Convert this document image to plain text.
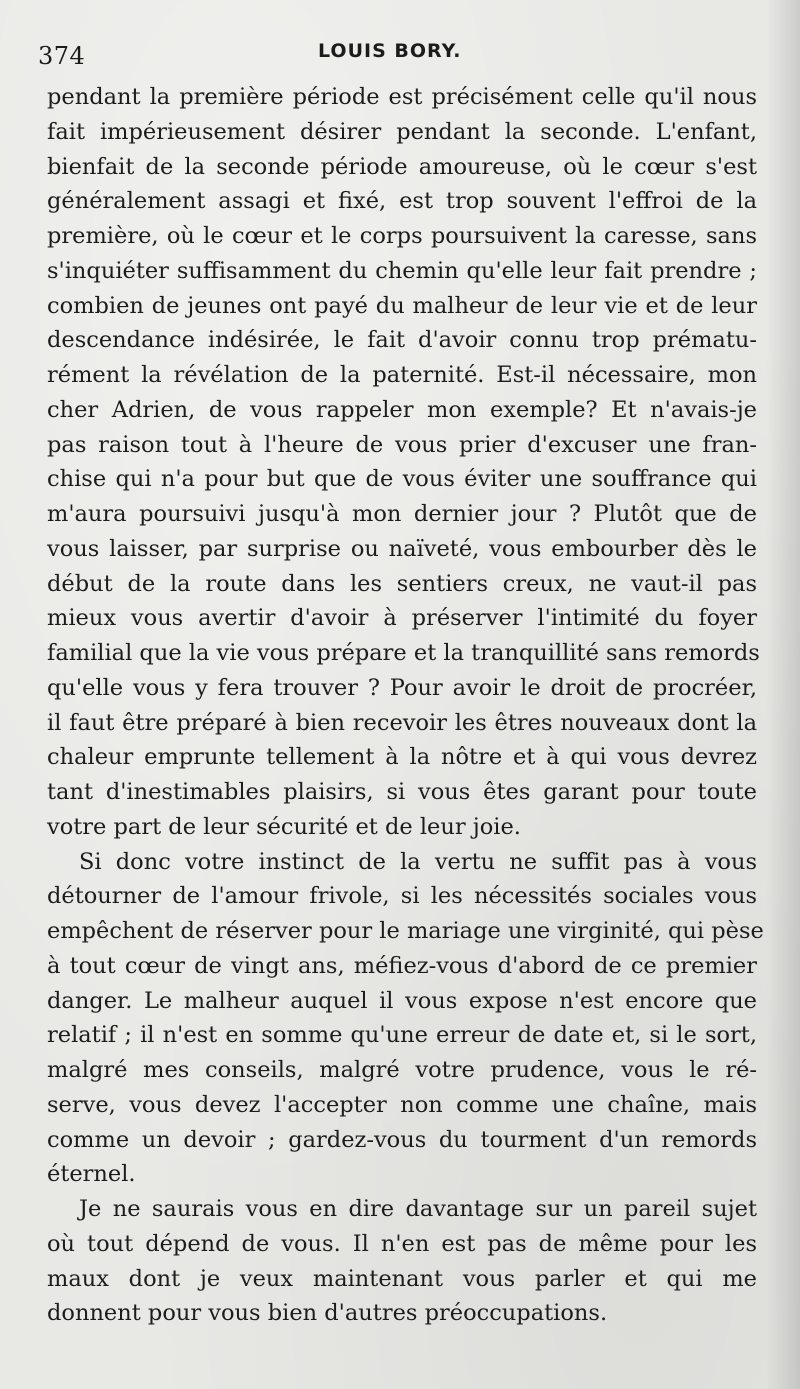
374	LOUIS BORY.
pendant la première période est précisément celle qu'il nous
fait impérieusement désirer pendant la seconde. L'enfant,
bienfait de la seconde période amoureuse, où le cœur s'est
généralement assagi et fixé, est trop souvent l'effroi de la
première, où le cœur et le corps poursuivent la caresse, sans
s'inquiéter suffisamment du chemin qu'elle leur fait prendre ;
combien de jeunes ont payé du malheur de leur vie et de leur
descendance indésirée, le fait d'avoir connu trop prématu-
rément la révélation de la paternité. Est-il nécessaire, mon
cher Adrien, de vous rappeler mon exemple? Et n'avais-je
pas raison tout à l'heure de vous prier d'excuser une fran-
chise qui n'a pour but que de vous éviter une souffrance qui
m'aura poursuivi jusqu'à mon dernier jour ? Plutôt que de
vous laisser, par surprise ou naïveté, vous embourber dès le
début de la route dans les sentiers creux, ne vaut-il pas
mieux vous avertir d'avoir à préserver l'intimité du foyer
familial que la vie vous prépare et la tranquillité sans remords
qu'elle vous y fera trouver ? Pour avoir le droit de procréer,
il faut être préparé à bien recevoir les êtres nouveaux dont la
chaleur emprunte tellement à la nôtre et à qui vous devrez
tant d'inestimables plaisirs, si vous êtes garant pour toute
votre part de leur sécurité et de leur joie.
Si donc votre instinct de la vertu ne suffit pas à vous
détourner de l'amour frivole, si les nécessités sociales vous
empêchent de réserver pour le mariage une virginité, qui pèse
à tout cœur de vingt ans, méfiez-vous d'abord de ce premier
danger. Le malheur auquel il vous expose n'est encore que
relatif ; il n'est en somme qu'une erreur de date et, si le sort,
malgré mes conseils, malgré votre prudence, vous le ré-
serve, vous devez l'accepter non comme une chaîne, mais
comme un devoir ; gardez-vous du tourment d'un remords
éternel.
Je ne saurais vous en dire davantage sur un pareil sujet
où tout dépend de vous. Il n'en est pas de même pour les
maux dont je veux maintenant vous parler et qui me
donnent pour vous bien d'autres préoccupations.
